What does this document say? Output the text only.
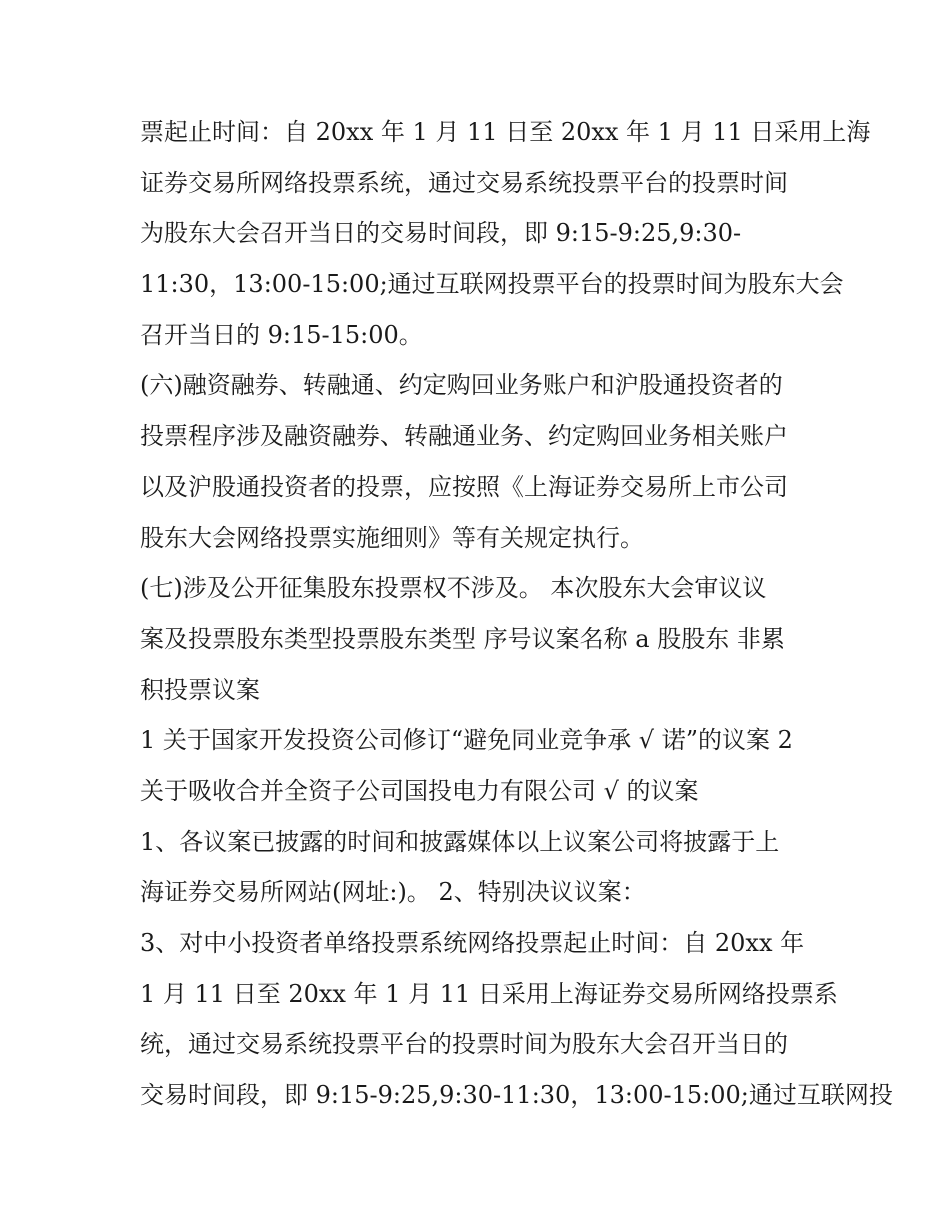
票起止时间：自 20xx 年 1 月 11 日至 20xx 年 1 月 11 日采用上海
证券交易所网络投票系统，通过交易系统投票平台的投票时间
为股东大会召开当日的交易时间段，即 9:15-9:25,9:30-
11:30，13:00-15:00;通过互联网投票平台的投票时间为股东大会
召开当日的 9:15-15:00。
(六)融资融券、转融通、约定购回业务账户和沪股通投资者的
投票程序涉及融资融券、转融通业务、约定购回业务相关账户
以及沪股通投资者的投票，应按照《上海证券交易所上市公司
股东大会网络投票实施细则》等有关规定执行。
(七)涉及公开征集股东投票权不涉及。 本次股东大会审议议
案及投票股东类型投票股东类型 序号议案名称 a 股股东 非累
积投票议案
1 关于国家开发投资公司修订“避免同业竞争承 √ 诺”的议案 2
关于吸收合并全资子公司国投电力有限公司 √ 的议案
1、各议案已披露的时间和披露媒体以上议案公司将披露于上
海证券交易所网站(网址:)。 2、特别决议议案：
3、对中小投资者单络投票系统网络投票起止时间：自 20xx 年
1 月 11 日至 20xx 年 1 月 11 日采用上海证券交易所网络投票系
统，通过交易系统投票平台的投票时间为股东大会召开当日的
交易时间段，即 9:15-9:25,9:30-11:30，13:00-15:00;通过互联网投
